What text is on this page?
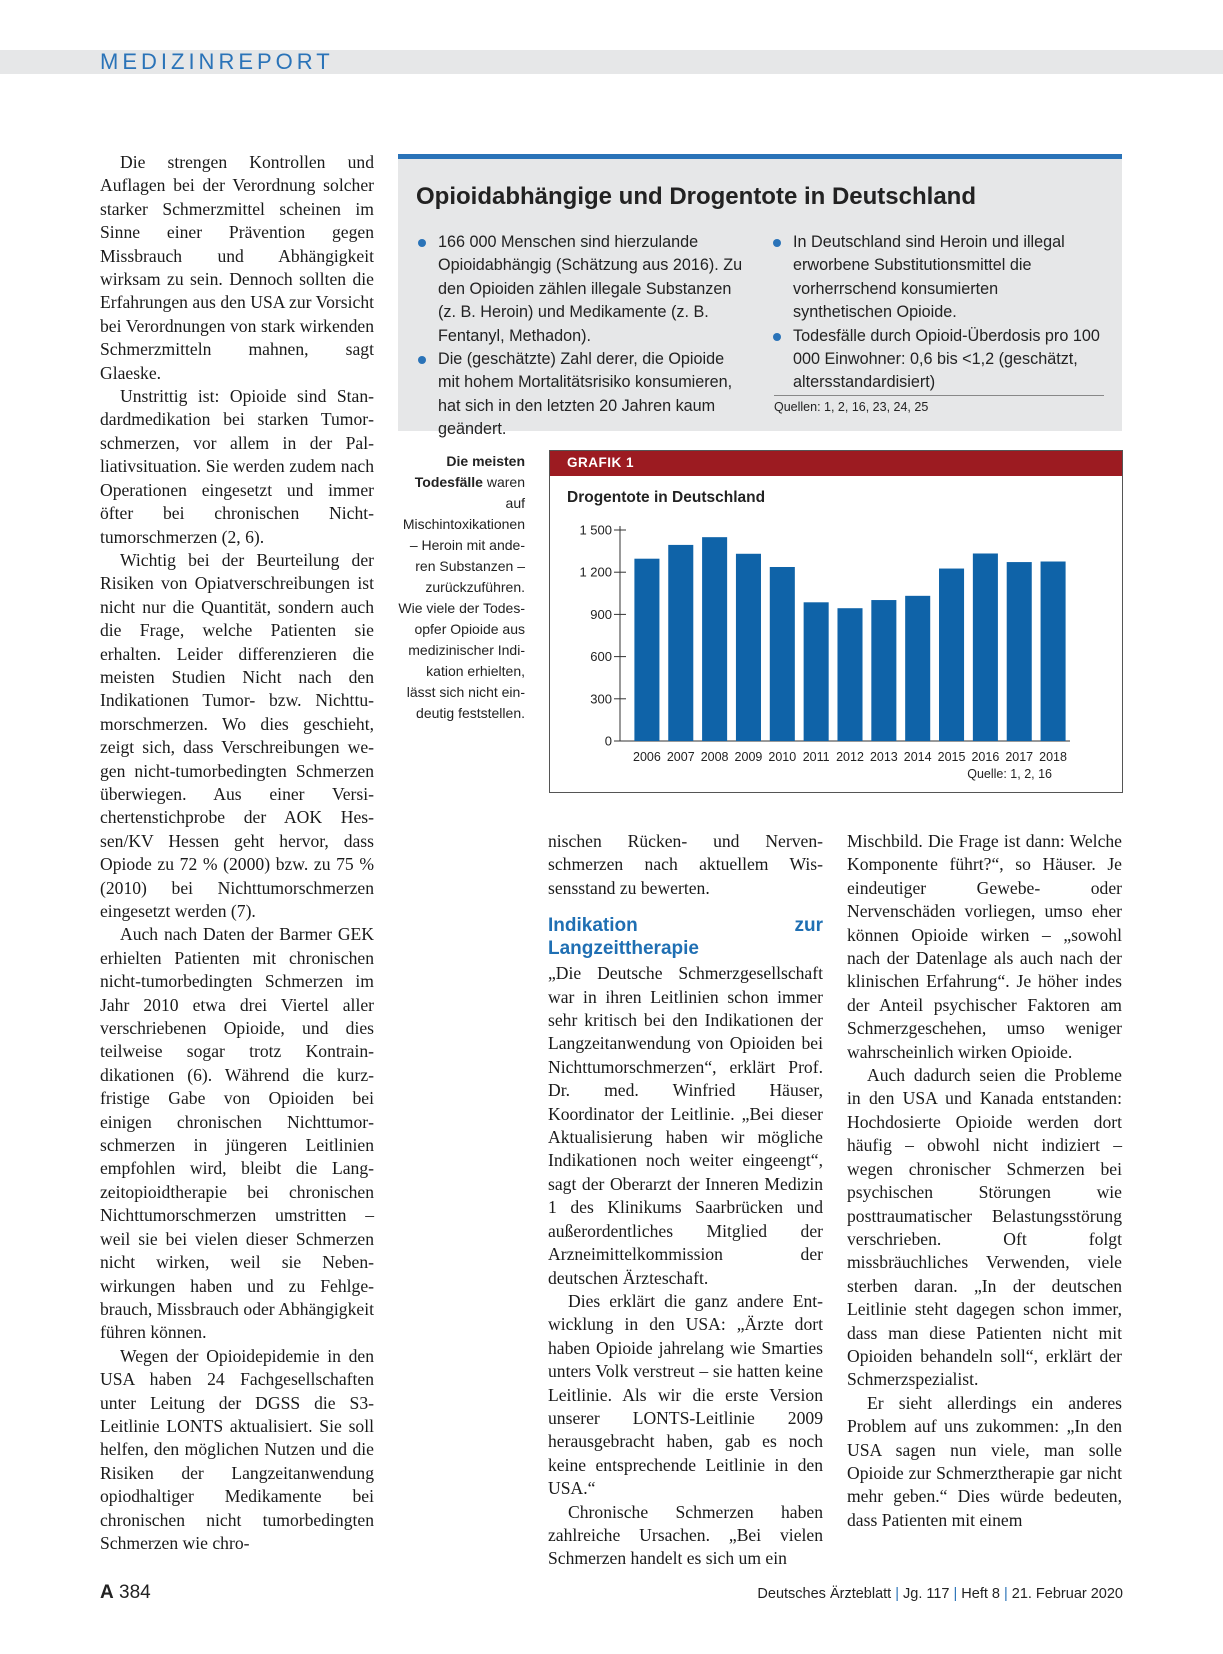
MEDIZINREPORT

Die strengen Kontrollen und Auflagen bei der Verordnung solcher starker Schmerzmittel scheinen im Sinne einer Prävention gegen Missbrauch und Abhängigkeit wirksam zu sein. Dennoch sollten die Erfahrungen aus den USA zur Vorsicht bei Verordnungen von stark wirkenden Schmerzmitteln mahnen, sagt Glaeske.

Unstrittig ist: Opioide sind Standardmedikation bei starken Tumorschmerzen, vor allem in der Palliativsituation. Sie werden zudem nach Operationen eingesetzt und immer öfter bei chronischen Nichttumorschmerzen (2, 6).

Wichtig bei der Beurteilung der Risiken von Opiatverschreibungen ist nicht nur die Quantität, sondern auch die Frage, welche Patienten sie erhalten. Leider differenzieren die meisten Studien Nicht nach den Indikationen Tumor- bzw. Nichttumorschmerzen. Wo dies geschieht, zeigt sich, dass Verschreibungen wegen nicht-tumorbedingten Schmerzen überwiegen. Aus einer Versichertenstichprobe der AOK Hessen/KV Hessen geht hervor, dass Opiode zu 72 % (2000) bzw. zu 75 % (2010) bei Nichttumorschmerzen eingesetzt werden (7).

Auch nach Daten der Barmer GEK erhielten Patienten mit chronischen nicht-tumorbedingten Schmerzen im Jahr 2010 etwa drei Viertel aller verschriebenen Opioide, und dies teilweise sogar trotz Kontraindikationen (6). Während die kurzfristige Gabe von Opioiden bei einigen chronischen Nichttumorschmerzen in jüngeren Leitlinien empfohlen wird, bleibt die Langzeitopioidtherapie bei chronischen Nichttumorschmerzen umstritten – weil sie bei vielen dieser Schmerzen nicht wirken, weil sie Nebenwirkungen haben und zu Fehlgebrauch, Missbrauch oder Abhängigkeit führen können.

Wegen der Opioidepidemie in den USA haben 24 Fachgesellschaften unter Leitung der DGSS die S3-Leitlinie LONTS aktualisiert. Sie soll helfen, den möglichen Nutzen und die Risiken der Langzeitanwendung opiodhaltiger Medikamente bei chronischen nicht tumorbedingten Schmerzen wie chro-

Opioidabhängige und Drogentote in Deutschland
166 000 Menschen sind hierzulande Opioidabhängig (Schätzung aus 2016). Zu den Opioiden zählen illegale Substanzen (z. B. Heroin) und Medikamente (z. B. Fentanyl, Methadon).
Die (geschätzte) Zahl derer, die Opioide mit hohem Mortalitätsrisiko konsumieren, hat sich in den letzten 20 Jahren kaum geändert.
In Deutschland sind Heroin und illegal erworbene Substitutionsmittel die vorherrschend konsumierten synthetischen Opioide.
Todesfälle durch Opioid-Überdosis pro 100 000 Einwohner: 0,6 bis <1,2 (geschätzt, altersstandardisiert)
Quellen: 1, 2, 16, 23, 24, 25
Die meisten Todesfälle waren auf Mischintoxikationen – Heroin mit anderen Substanzen – zurückzuführen. Wie viele der Todesopfer Opioide aus medizinischer Indikation erhielten, lässt sich nicht eindeutig feststellen.
GRAFIK 1
Drogentote in Deutschland
0
300
600
900
1 200
1 500
2006 2007 2008 2009 2010 2011 2012 2013 2014 2015 2016 2017 2018
Quelle: 1, 2, 16

nischen Rücken- und Nervenschmerzen nach aktuellem Wissensstand zu bewerten.

Indikation zur Langzeittherapie

„Die Deutsche Schmerzgesellschaft war in ihren Leitlinien schon immer sehr kritisch bei den Indikationen der Langzeitanwendung von Opioiden bei Nichttumorschmerzen“, erklärt Prof. Dr. med. Winfried Häuser, Koordinator der Leitlinie. „Bei dieser Aktualisierung haben wir mögliche Indikationen noch weiter eingeengt“, sagt der Oberarzt der Inneren Medizin 1 des Klinikums Saarbrücken und außerordentliches Mitglied der Arzneimittelkommission der deutschen Ärzteschaft.

Dies erklärt die ganz andere Entwicklung in den USA: „Ärzte dort haben Opioide jahrelang wie Smarties unters Volk verstreut – sie hatten keine Leitlinie. Als wir die erste Version unserer LONTS-Leitlinie 2009 herausgebracht haben, gab es noch keine entsprechende Leitlinie in den USA.“

Chronische Schmerzen haben zahlreiche Ursachen. „Bei vielen Schmerzen handelt es sich um ein

Mischbild. Die Frage ist dann: Welche Komponente führt?“, so Häuser. Je eindeutiger Gewebe- oder Nervenschäden vorliegen, umso eher können Opioide wirken – „sowohl nach der Datenlage als auch nach der klinischen Erfahrung“. Je höher indes der Anteil psychischer Faktoren am Schmerzgeschehen, umso weniger wahrscheinlich wirken Opioide.

Auch dadurch seien die Probleme in den USA und Kanada entstanden: Hochdosierte Opioide werden dort häufig – obwohl nicht indiziert – wegen chronischer Schmerzen bei psychischen Störungen wie posttraumatischer Belastungsstörung verschrieben. Oft folgt missbräuchliches Verwenden, viele sterben daran. „In der deutschen Leitlinie steht dagegen schon immer, dass man diese Patienten nicht mit Opioiden behandeln soll“, erklärt der Schmerzspezialist.

Er sieht allerdings ein anderes Problem auf uns zukommen: „In den USA sagen nun viele, man solle Opioide zur Schmerztherapie gar nicht mehr geben.“ Dies würde bedeuten, dass Patienten mit einem

A 384	Deutsches Ärzteblatt | Jg. 117 | Heft 8 | 21. Februar 2020
